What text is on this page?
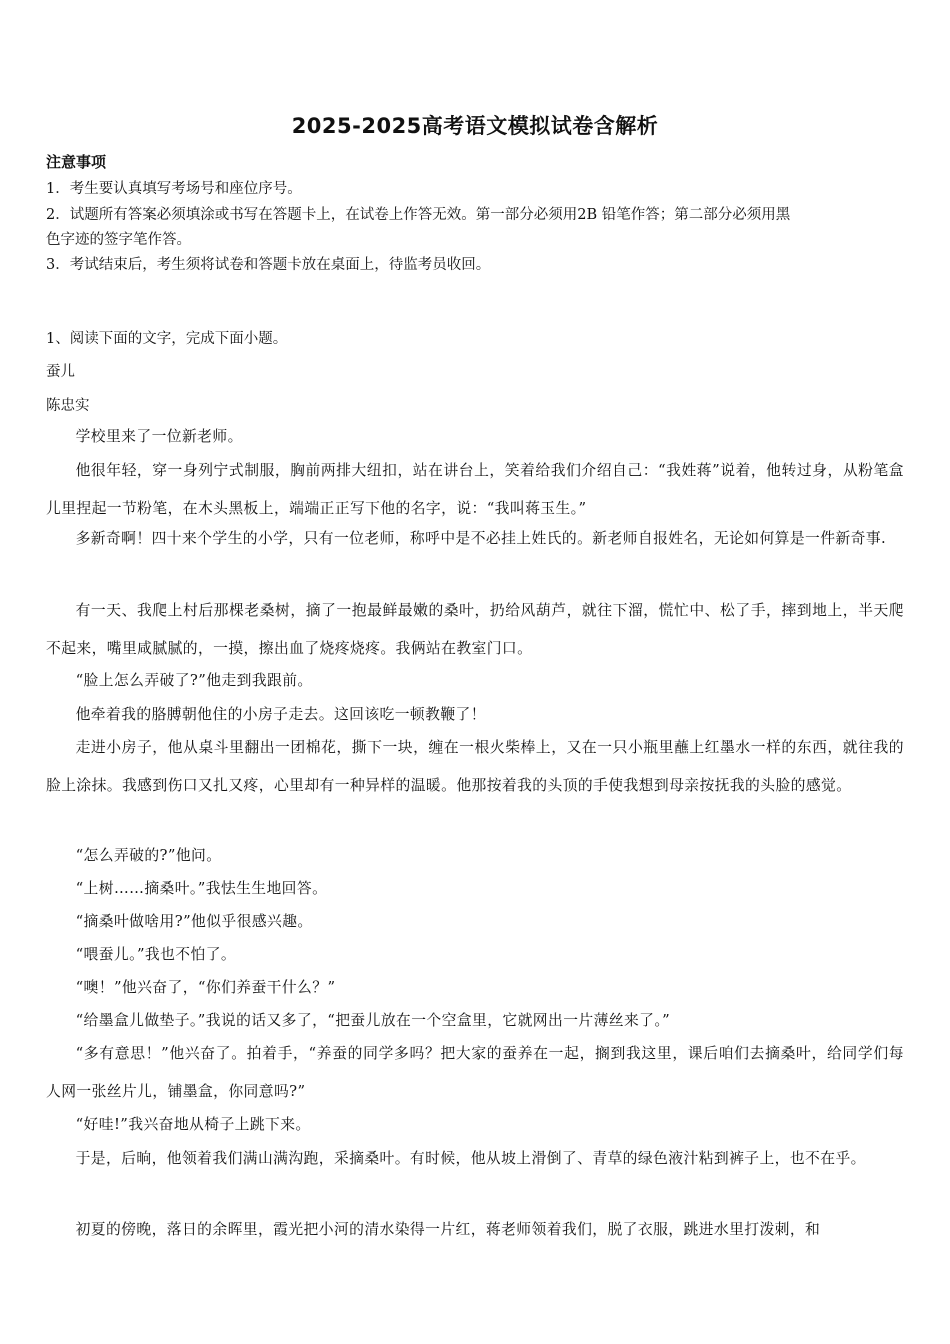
2025-2025高考语文模拟试卷含解析
注意事项
1．考生要认真填写考场号和座位序号。
2．试题所有答案必须填涂或书写在答题卡上，在试卷上作答无效。第一部分必须用2B 铅笔作答；第二部分必须用黑
色字迹的签字笔作答。
3．考试结束后，考生须将试卷和答题卡放在桌面上，待监考员收回。
1、阅读下面的文字，完成下面小题。
蚕儿
陈忠实
学校里来了一位新老师。
他很年轻，穿一身列宁式制服，胸前两排大纽扣，站在讲台上，笑着给我们介绍自己：“我姓蒋”说着，他转过身，从粉笔盒儿里捏起一节粉笔，在木头黑板上，端端正正写下他的名字，说：“我叫蒋玉生。”
多新奇啊！四十来个学生的小学，只有一位老师，称呼中是不必挂上姓氏的。新老师自报姓名，无论如何算是一件新奇事.
有一天、我爬上村后那棵老桑树，摘了一抱最鲜最嫩的桑叶，扔给风葫芦，就往下溜，慌忙中、松了手，摔到地上，半天爬不起来，嘴里咸腻腻的，一摸，擦出血了烧疼烧疼。我俩站在教室门口。
“脸上怎么弄破了?”他走到我跟前。
他牵着我的胳膊朝他住的小房子走去。这回该吃一顿教鞭了！
走进小房子，他从桌斗里翻出一团棉花，撕下一块，缠在一根火柴棒上，又在一只小瓶里蘸上红墨水一样的东西，就往我的脸上涂抹。我感到伤口又扎又疼，心里却有一种异样的温暖。他那按着我的头顶的手使我想到母亲按抚我的头脸的感觉。
“怎么弄破的?”他问。
“上树……摘桑叶。”我怯生生地回答。
“摘桑叶做啥用?”他似乎很感兴趣。
“喂蚕儿。”我也不怕了。
“噢！”他兴奋了，“你们养蚕干什么？”
“给墨盒儿做垫子。”我说的话又多了，“把蚕儿放在一个空盒里，它就网出一片薄丝来了。”
“多有意思！”他兴奋了。拍着手，“养蚕的同学多吗？把大家的蚕养在一起，搁到我这里，课后咱们去摘桑叶，给同学们每人网一张丝片儿，铺墨盒，你同意吗?”
“好哇!”我兴奋地从椅子上跳下来。
于是，后晌，他领着我们满山满沟跑，采摘桑叶。有时候，他从坡上滑倒了、青草的绿色液汁粘到裤子上，也不在乎。
初夏的傍晚，落日的余晖里，霞光把小河的清水染得一片红，蒋老师领着我们，脱了衣服，跳进水里打泼刺，和
